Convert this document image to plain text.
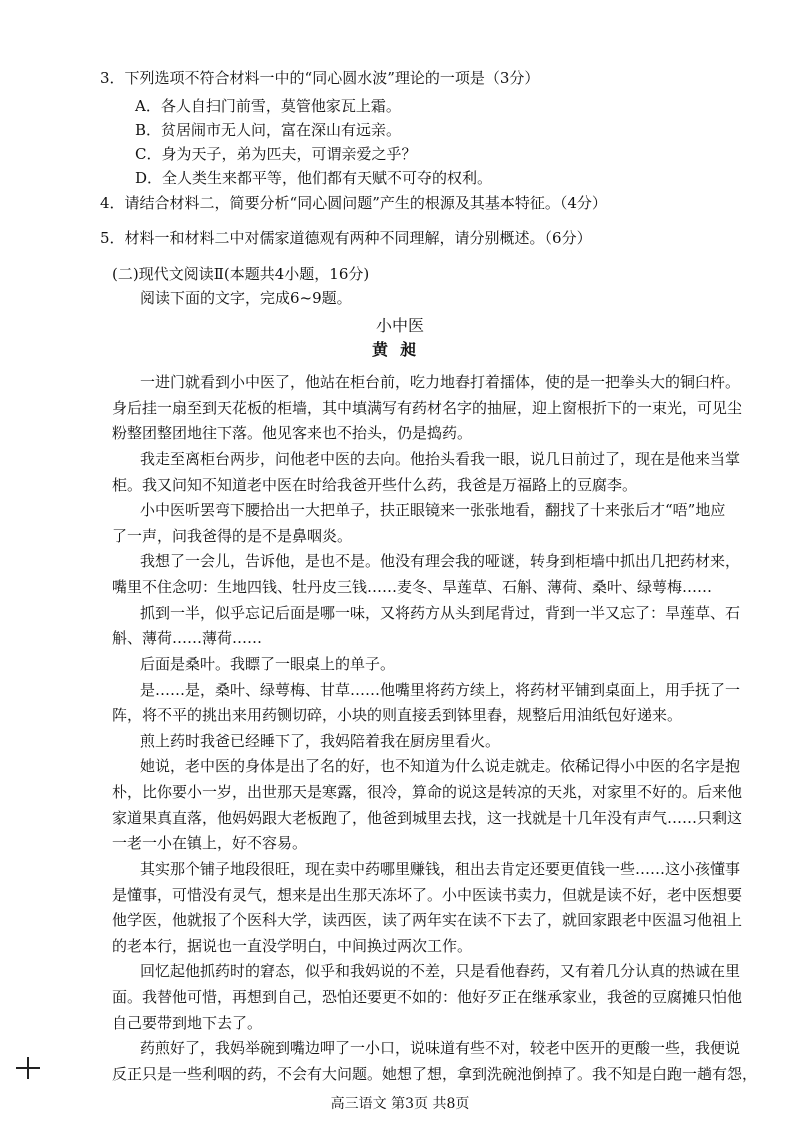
3．下列选项不符合材料一中的“同心圆水波”理论的一项是（3分）
A．各人自扫门前雪，莫管他家瓦上霜。
B．贫居闹市无人问，富在深山有远亲。
C．身为天子，弟为匹夫，可谓亲爱之乎？
D．全人类生来都平等，他们都有天赋不可夺的权利。
4．请结合材料二，简要分析“同心圆问题”产生的根源及其基本特征。（4分）
5．材料一和材料二中对儒家道德观有两种不同理解，请分别概述。（6分）
(二)现代文阅读Ⅱ(本题共4小题，16分)
阅读下面的文字，完成6~9题。
小中医
黄昶
一进门就看到小中医了，他站在柜台前，吃力地舂打着擂体，使的是一把拳头大的铜臼杵。
身后挂一扇至到天花板的柜墙，其中填满写有药材名字的抽屉，迎上窗根折下的一束光，可见尘
粉整团整团地往下落。他见客来也不抬头，仍是捣药。
我走至离柜台两步，问他老中医的去向。他抬头看我一眼，说几日前过了，现在是他来当掌
柜。我又问知不知道老中医在时给我爸开些什么药，我爸是万福路上的豆腐李。
小中医听罢弯下腰拾出一大把单子，扶正眼镜来一张张地看，翻找了十来张后才“唔”地应
了一声，问我爸得的是不是鼻咽炎。
我想了一会儿，告诉他，是也不是。他没有理会我的哑谜，转身到柜墙中抓出几把药材来，
嘴里不住念叨：生地四钱、牡丹皮三钱……麦冬、旱莲草、石斛、薄荷、桑叶、绿萼梅……
抓到一半，似乎忘记后面是哪一味，又将药方从头到尾背过，背到一半又忘了：旱莲草、石
斛、薄荷……薄荷……
后面是桑叶。我瞟了一眼桌上的单子。
是……是，桑叶、绿萼梅、甘草……他嘴里将药方续上，将药材平铺到桌面上，用手抚了一
阵，将不平的挑出来用药铡切碎，小块的则直接丢到钵里舂，规整后用油纸包好递来。
煎上药时我爸已经睡下了，我妈陪着我在厨房里看火。
她说，老中医的身体是出了名的好，也不知道为什么说走就走。依稀记得小中医的名字是抱
朴，比你要小一岁，出世那天是寒露，很冷，算命的说这是转凉的天兆，对家里不好的。后来他
家道果真直落，他妈妈跟大老板跑了，他爸到城里去找，这一找就是十几年没有声气……只剩这
一老一小在镇上，好不容易。
其实那个铺子地段很旺，现在卖中药哪里赚钱，租出去肯定还要更值钱一些……这小孩懂事
是懂事，可惜没有灵气，想来是出生那天冻坏了。小中医读书卖力，但就是读不好，老中医想要
他学医，他就报了个医科大学，读西医，读了两年实在读不下去了，就回家跟老中医温习他祖上
的老本行，据说也一直没学明白，中间换过两次工作。
回忆起他抓药时的窘态，似乎和我妈说的不差，只是看他舂药，又有着几分认真的热诚在里
面。我替他可惜，再想到自己，恐怕还要更不如的：他好歹正在继承家业，我爸的豆腐摊只怕他
自己要带到地下去了。
药煎好了，我妈举碗到嘴边呷了一小口，说味道有些不对，较老中医开的更酸一些，我便说
反正只是一些利咽的药，不会有大问题。她想了想，拿到洗碗池倒掉了。我不知是白跑一趟有怨，
高三语文 第3页 共8页
